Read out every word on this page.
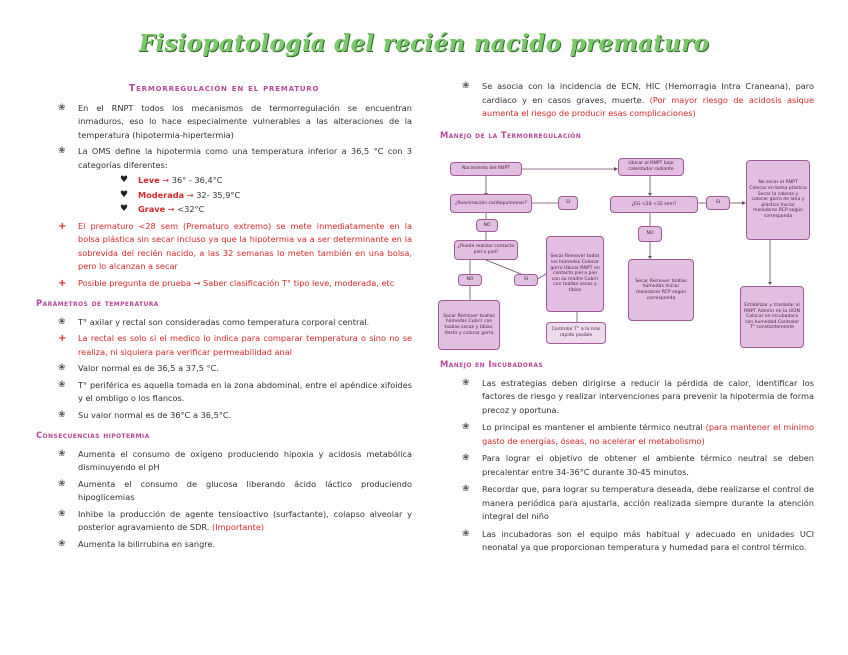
Fisiopatología del recién nacido prematuro
Termorregulación en el prematuro
❀ En el RNPT todos los mecanismos de termorregulación se encuentran inmaduros, eso lo hace especialmente vulnerables a las alteraciones de la temperatura (hipotermia-hipertermia)
❀ La OMS define la hipotermia como una temperatura inferior a 36,5 °C con 3 categorías diferentes:
♥ Leve → 36° - 36,4°C
♥ Moderada → 32- 35,9°C
♥ Grave → <32°C
+ El prematuro <28 sem (Prematuro extremo) se mete inmediatamente en la bolsa plástica sin secar incluso ya que la hipotermia va a ser determinante en la sobrevida del recién nacido, a las 32 semanas lo meten también en una bolsa, pero lo alcanzan a secar
+ Posible pregunta de prueba → Saber clasificación T° tipo leve, moderada, etc
Parámetros de temperatura
❀ T° axilar y rectal son consideradas como temperatura corporal central.
+ La rectal es solo si el medico lo indica para comparar temperatura o sino no se realiza, ni siquiera para verificar permeabilidad anal
❀ Valor normal es de 36,5 a 37,5 °C.
❀ T° periférica es aquella tomada en la zona abdominal, entre el apéndice xifoides y el ombligo o los flancos.
❀ Su valor normal es de 36°C a 36,5°C.
Consecuencias hipotermia
❀ Aumenta el consumo de oxígeno produciendo hipoxia y acidosis metabólica disminuyendo el pH
❀ Aumenta el consumo de glucosa liberando ácido láctico produciendo hipoglicemias
❀ Inhibe la producción de agente tensioactivo (surfactante), colapso alveolar y posterior agravamiento de SDR. (Importante)
❀ Aumenta la bilirrubina en sangre.
❀ Se asocia con la incidencia de ECN, HIC (Hemorragia Intra Craneana), paro cardiaco y en casos graves, muerte. (Por mayor riesgo de acidosis asique aumenta el riesgo de producir esas complicaciones)
Manejo de la Termorregulación
Nacimiento del RNPT
Ubicar al RNPT bajo calentador radiante
¿Reanimación cardiopulmonar?	SI
NO
¿EG <28 <32 sem?	SI
No secar al RNPT Colocar en bolsa plástica Secar la cabeza y colocar gorro de lana y plástico Iniciar maniobras RCP según corresponda
NO
¿Puede realizar contacto piel a piel?
Secar Remover todos los húmedos Colocar gorro Ubicar RNPT en contacto piel a piel con su madre Cubrir con toallas secas y tibias
NO	SI	Secar Remover toallas húmedas Iniciar maniobras RCP según corresponda
Secar Remover toallas húmedas Cubrir con toallas secas y tibias. Vestir y colocar gorro
Controlar T° a la más rápido posible
Estabilizar y trasladar al RNPT Admitir en la UCIN Colocar en incubadora con humedad Controlar T° constantemente
Manejo en Incubadoras
❀ Las estrategias deben dirigirse a reducir la pérdida de calor, identificar los factores de riesgo y realizar intervenciones para prevenir la hipotermia de forma precoz y oportuna.
❀ Lo principal es mantener el ambiente térmico neutral (para mantener el mínimo gasto de energías, óseas, no acelerar el metabolismo)
❀ Para lograr el objetivo de obtener el ambiente térmico neutral se deben precalentar entre 34-36°C durante 30-45 minutos.
❀ Recordar que, para lograr su temperatura deseada, debe realizarse el control de manera periódica para ajustarla, acción realizada siempre durante la atención integral del niño
❀ Las incubadoras son el equipo más habitual y adecuado en unidades UCI neonatal ya que proporcionan temperatura y humedad para el control térmico.
